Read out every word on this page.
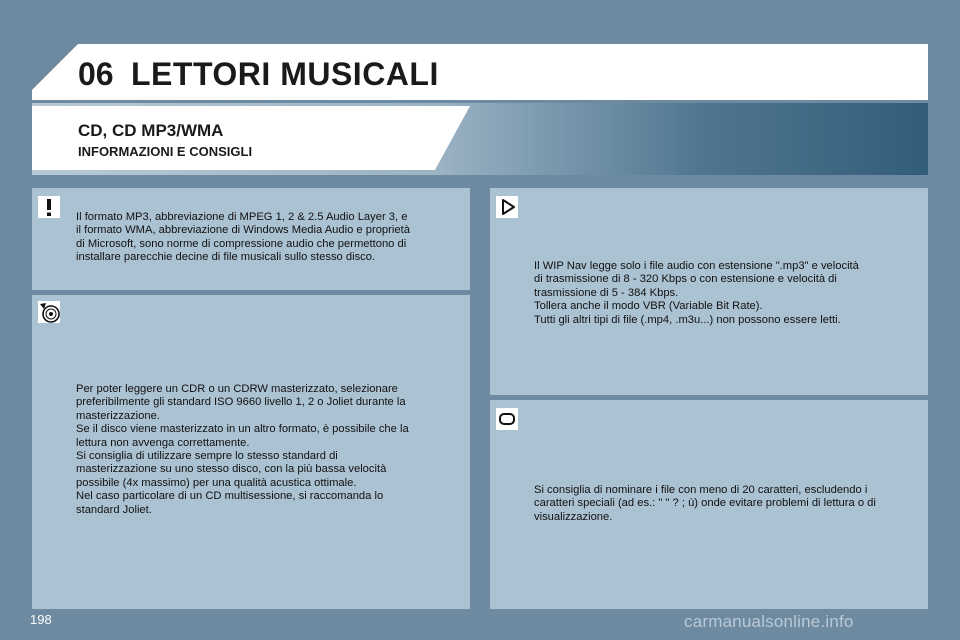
06 LETTORI MUSICALI
CD, CD MP3/WMA
INFORMAZIONI E CONSIGLI
Il formato MP3, abbreviazione di MPEG 1, 2 & 2.5 Audio Layer 3, e
il formato WMA, abbreviazione di Windows Media Audio e proprietà
di Microsoft, sono norme di compressione audio che permettono di
installare parecchie decine di file musicali sullo stesso disco.
Per poter leggere un CDR o un CDRW masterizzato, selezionare
preferibilmente gli standard ISO 9660 livello 1, 2 o Joliet durante la
masterizzazione.
Se il disco viene masterizzato in un altro formato, è possibile che la
lettura non avvenga correttamente.
Si consiglia di utilizzare sempre lo stesso standard di
masterizzazione su uno stesso disco, con la più bassa velocità
possibile (4x massimo) per una qualità acustica ottimale.
Nel caso particolare di un CD multisessione, si raccomanda lo
standard Joliet.
Il WIP Nav legge solo i file audio con estensione ".mp3" e velocità
di trasmissione di 8 - 320 Kbps o con estensione e velocità di
trasmissione di 5 - 384 Kbps.
Tollera anche il modo VBR (Variable Bit Rate).
Tutti gli altri tipi di file (.mp4, .m3u...) non possono essere letti.
Si consiglia di nominare i file con meno di 20 caratteri, escludendo i
caratteri speciali (ad es.: " " ? ; ù) onde evitare problemi di lettura o di
visualizzazione.
198	carmanualsonline.info
